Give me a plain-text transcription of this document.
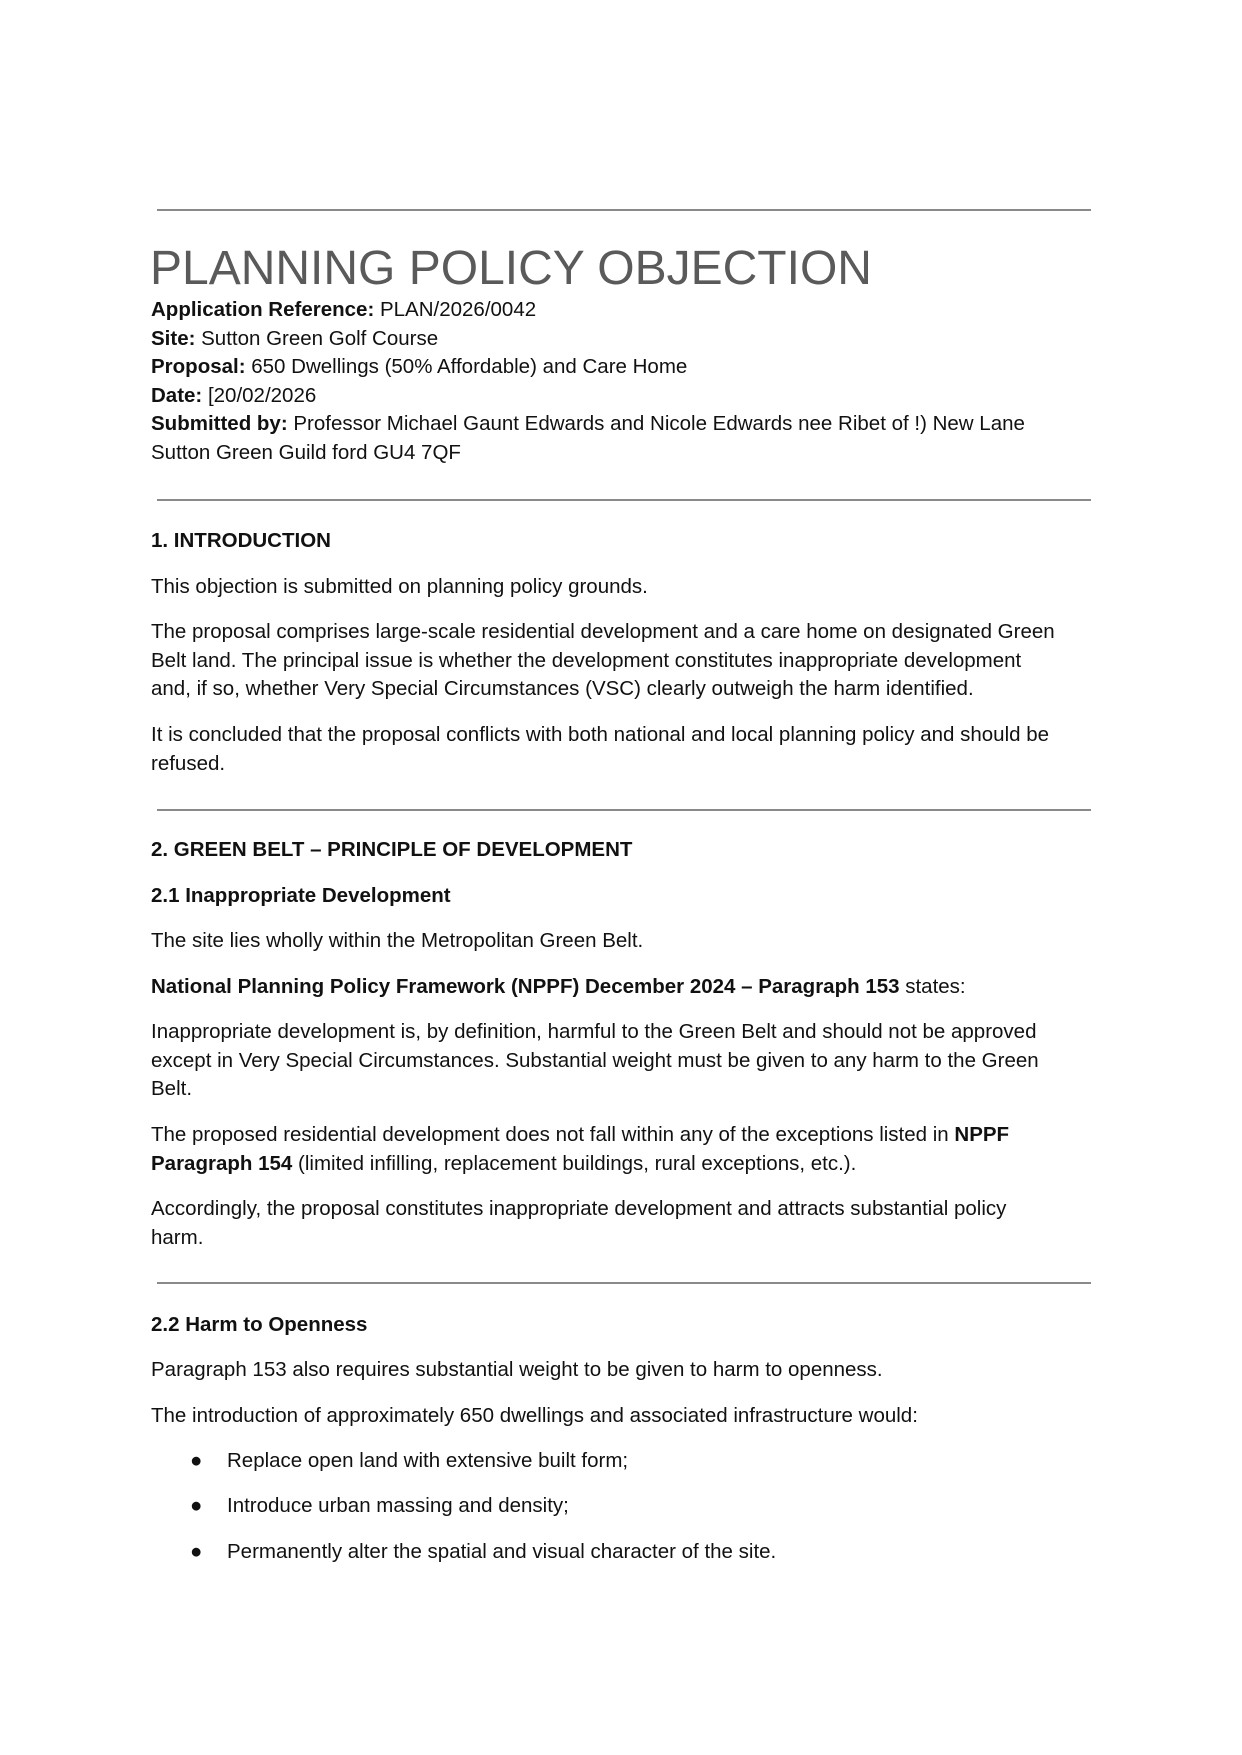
PLANNING POLICY OBJECTION
Application Reference: PLAN/2026/0042
Site: Sutton Green Golf Course
Proposal: 650 Dwellings (50% Affordable) and Care Home
Date: [20/02/2026
Submitted by: Professor Michael Gaunt Edwards and Nicole Edwards nee Ribet of !) New Lane
Sutton Green Guild ford GU4 7QF
1. INTRODUCTION
This objection is submitted on planning policy grounds.
The proposal comprises large-scale residential development and a care home on designated Green
Belt land. The principal issue is whether the development constitutes inappropriate development
and, if so, whether Very Special Circumstances (VSC) clearly outweigh the harm identified.
It is concluded that the proposal conflicts with both national and local planning policy and should be
refused.
2. GREEN BELT – PRINCIPLE OF DEVELOPMENT
2.1 Inappropriate Development
The site lies wholly within the Metropolitan Green Belt.
National Planning Policy Framework (NPPF) December 2024 – Paragraph 153 states:
Inappropriate development is, by definition, harmful to the Green Belt and should not be approved
except in Very Special Circumstances. Substantial weight must be given to any harm to the Green
Belt.
The proposed residential development does not fall within any of the exceptions listed in NPPF
Paragraph 154 (limited infilling, replacement buildings, rural exceptions, etc.).
Accordingly, the proposal constitutes inappropriate development and attracts substantial policy
harm.
2.2 Harm to Openness
Paragraph 153 also requires substantial weight to be given to harm to openness.
The introduction of approximately 650 dwellings and associated infrastructure would:
● Replace open land with extensive built form;
● Introduce urban massing and density;
● Permanently alter the spatial and visual character of the site.
